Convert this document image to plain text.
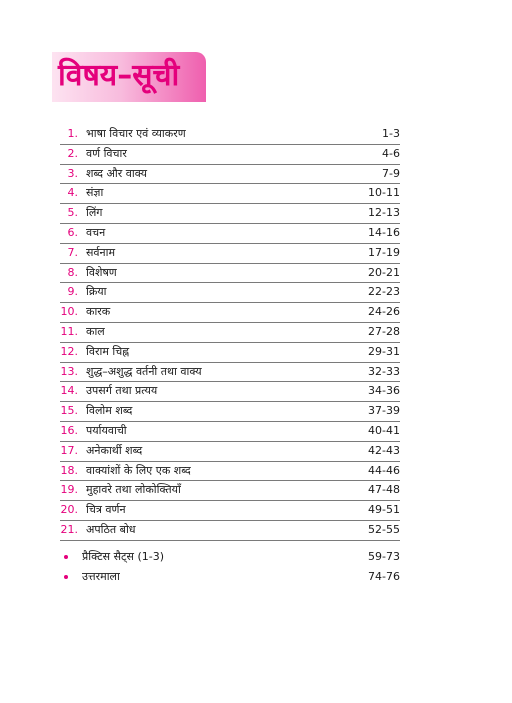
विषय–सूची
1. भाषा विचार एवं व्याकरण	1-3
2. वर्ण विचार	4-6
3. शब्द और वाक्य	7-9
4. संज्ञा	10-11
5. लिंग	12-13
6. वचन	14-16
7. सर्वनाम	17-19
8. विशेषण	20-21
9. क्रिया	22-23
10. कारक	24-26
11. काल	27-28
12. विराम चिह्न	29-31
13. शुद्ध–अशुद्ध वर्तनी तथा वाक्य	32-33
14. उपसर्ग तथा प्रत्यय	34-36
15. विलोम शब्द	37-39
16. पर्यायवाची	40-41
17. अनेकार्थी शब्द	42-43
18. वाक्यांशों के लिए एक शब्द	44-46
19. मुहावरे तथा लोकोक्तियाँ	47-48
20. चित्र वर्णन	49-51
21. अपठित बोध	52-55
प्रैक्टिस सैट्स (1-3)	59-73
उत्तरमाला	74-76
